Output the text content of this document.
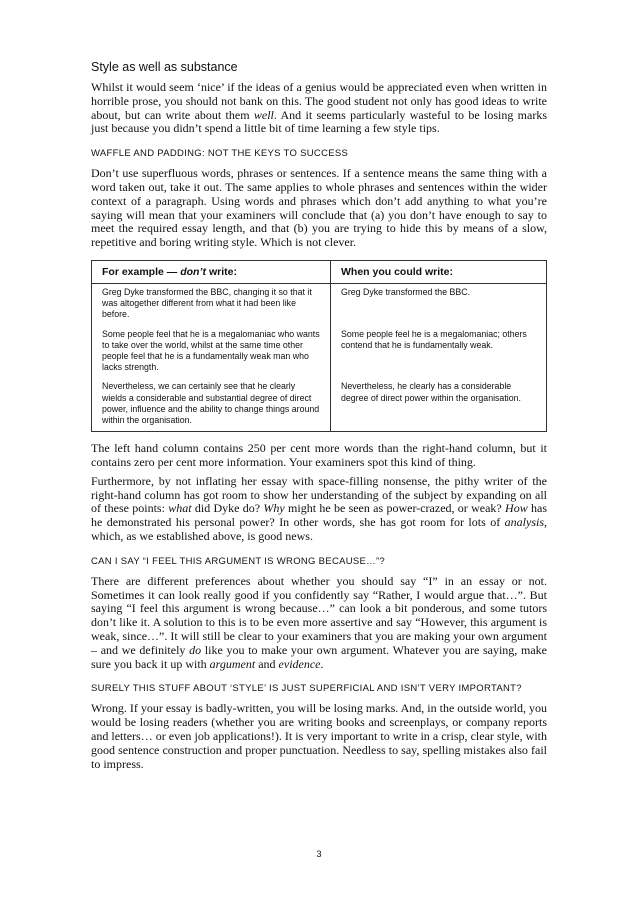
Style as well as substance

Whilst it would seem ‘nice’ if the ideas of a genius would be appreciated even when written in horrible prose, you should not bank on this. The good student not only has good ideas to write about, but can write about them well. And it seems particularly wasteful to be losing marks just because you didn’t spend a little bit of time learning a few style tips.

WAFFLE AND PADDING: NOT THE KEYS TO SUCCESS

Don’t use superfluous words, phrases or sentences. If a sentence means the same thing with a word taken out, take it out. The same applies to whole phrases and sentences within the wider context of a paragraph. Using words and phrases which don’t add anything to what you’re saying will mean that your examiners will conclude that (a) you don’t have enough to say to meet the required essay length, and that (b) you are trying to hide this by means of a slow, repetitive and boring writing style. Which is not clever.

For example — don’t write:	When you could write:
Greg Dyke transformed the BBC, changing it so that it was altogether different from what it had been like before.	Greg Dyke transformed the BBC.
Some people feel that he is a megalomaniac who wants to take over the world, whilst at the same time other people feel that he is a fundamentally weak man who lacks strength.	Some people feel he is a megalomaniac; others contend that he is fundamentally weak.
Nevertheless, we can certainly see that he clearly wields a considerable and substantial degree of direct power, influence and the ability to change things around within the organisation.	Nevertheless, he clearly has a considerable degree of direct power within the organisation.

The left hand column contains 250 per cent more words than the right-hand column, but it contains zero per cent more information. Your examiners spot this kind of thing.

Furthermore, by not inflating her essay with space-filling nonsense, the pithy writer of the right-hand column has got room to show her understanding of the subject by expanding on all of these points: what did Dyke do? Why might he be seen as power-crazed, or weak? How has he demonstrated his personal power? In other words, she has got room for lots of analysis, which, as we established above, is good news.

CAN I SAY “I FEEL THIS ARGUMENT IS WRONG BECAUSE…”?

There are different preferences about whether you should say “I” in an essay or not. Sometimes it can look really good if you confidently say “Rather, I would argue that…”. But saying “I feel this argument is wrong because…” can look a bit ponderous, and some tutors don’t like it. A solution to this is to be even more assertive and say “However, this argument is weak, since…”. It will still be clear to your examiners that you are making your own argument – and we definitely do like you to make your own argument. Whatever you are saying, make sure you back it up with argument and evidence.

SURELY THIS STUFF ABOUT ‘STYLE’ IS JUST SUPERFICIAL AND ISN’T VERY IMPORTANT?

Wrong. If your essay is badly-written, you will be losing marks. And, in the outside world, you would be losing readers (whether you are writing books and screenplays, or company reports and letters… or even job applications!). It is very important to write in a crisp, clear style, with good sentence construction and proper punctuation. Needless to say, spelling mistakes also fail to impress.

3
